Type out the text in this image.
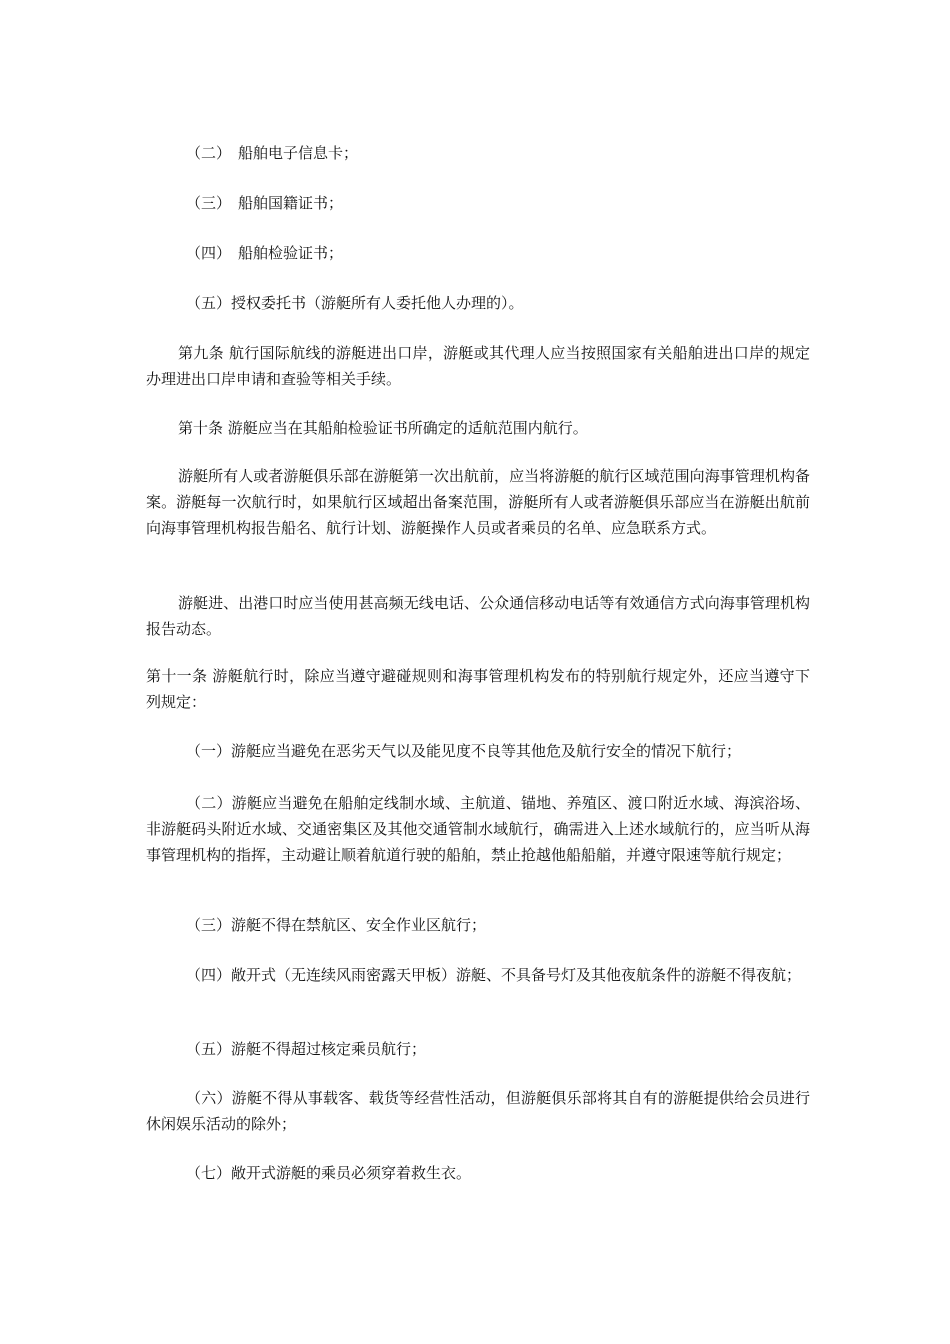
（二） 船舶电子信息卡；

（三） 船舶国籍证书；

（四） 船舶检验证书；

（五）授权委托书（游艇所有人委托他人办理的）。

第九条 航行国际航线的游艇进出口岸，游艇或其代理人应当按照国家有关船舶进出口岸的规定办理进出口岸申请和查验等相关手续。

第十条 游艇应当在其船舶检验证书所确定的适航范围内航行。

游艇所有人或者游艇俱乐部在游艇第一次出航前，应当将游艇的航行区域范围向海事管理机构备案。游艇每一次航行时，如果航行区域超出备案范围，游艇所有人或者游艇俱乐部应当在游艇出航前向海事管理机构报告船名、航行计划、游艇操作人员或者乘员的名单、应急联系方式。

游艇进、出港口时应当使用甚高频无线电话、公众通信移动电话等有效通信方式向海事管理机构报告动态。

第十一条 游艇航行时，除应当遵守避碰规则和海事管理机构发布的特别航行规定外，还应当遵守下列规定：

（一）游艇应当避免在恶劣天气以及能见度不良等其他危及航行安全的情况下航行；

（二）游艇应当避免在船舶定线制水域、主航道、锚地、养殖区、渡口附近水域、海滨浴场、非游艇码头附近水域、交通密集区及其他交通管制水域航行，确需进入上述水域航行的，应当听从海事管理机构的指挥，主动避让顺着航道行驶的船舶，禁止抢越他船船艏，并遵守限速等航行规定；

（三）游艇不得在禁航区、安全作业区航行；

（四）敞开式（无连续风雨密露天甲板）游艇、不具备号灯及其他夜航条件的游艇不得夜航；

（五）游艇不得超过核定乘员航行；

（六）游艇不得从事载客、载货等经营性活动，但游艇俱乐部将其自有的游艇提供给会员进行休闲娱乐活动的除外；

（七）敞开式游艇的乘员必须穿着救生衣。
